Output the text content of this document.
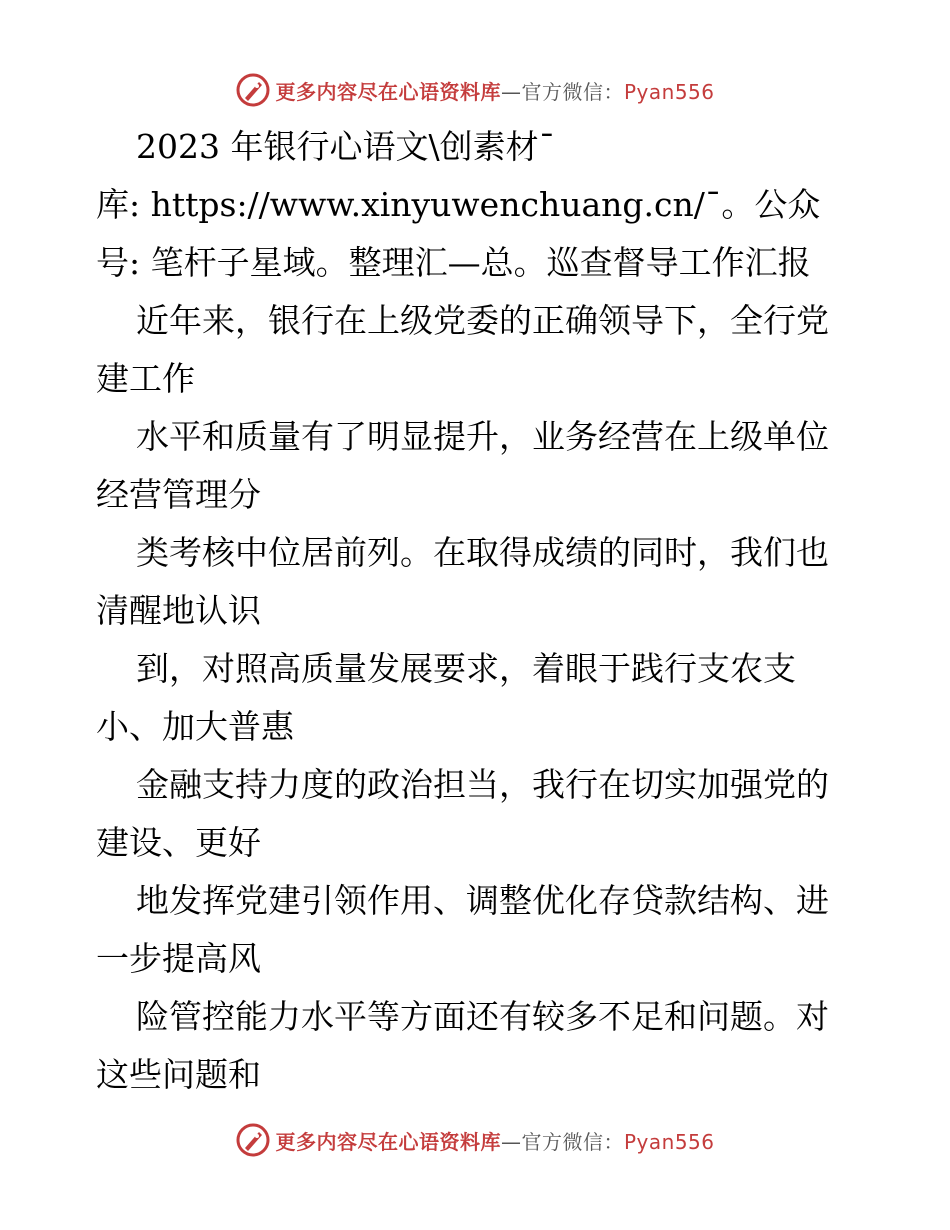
更多内容尽在心语资料库—官方微信：Pyan556

2023 年银行心语文\创素材¯

库: https://www.xinyuwenchuang.cn/¯。公众

号: 笔杆子星域。整理汇—总。巡查督导工作汇报

近年来，银行在上级党委的正确领导下，全行党

建工作

水平和质量有了明显提升，业务经营在上级单位

经营管理分

类考核中位居前列。在取得成绩的同时，我们也

清醒地认识

到，对照高质量发展要求，着眼于践行支农支

小、加大普惠

金融支持力度的政治担当，我行在切实加强党的

建设、更好

地发挥党建引领作用、调整优化存贷款结构、进

一步提高风

险管控能力水平等方面还有较多不足和问题。对

这些问题和

更多内容尽在心语资料库—官方微信：Pyan556
